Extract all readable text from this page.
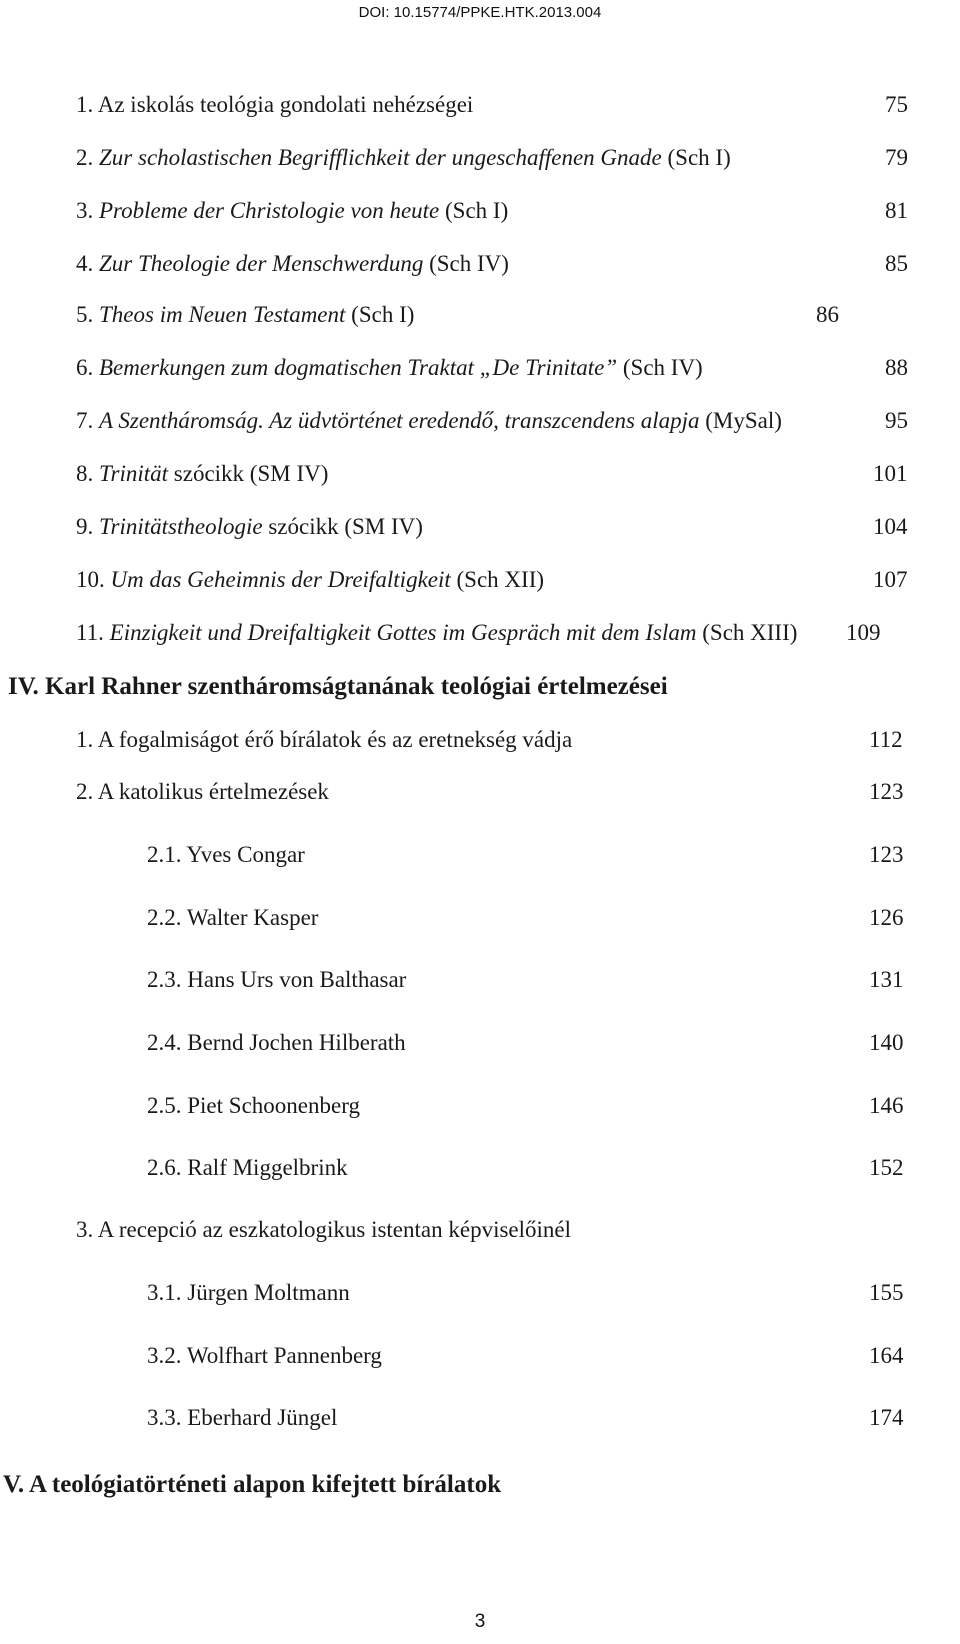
DOI: 10.15774/PPKE.HTK.2013.004
1. Az iskolás teológia gondolati nehézségei	75
2. Zur scholastischen Begrifflichkeit der ungeschaffenen Gnade (Sch I)	79
3. Probleme der Christologie von heute (Sch I)	81
4. Zur Theologie der Menschwerdung (Sch IV)	85
5. Theos im Neuen Testament (Sch I)	86
6. Bemerkungen zum dogmatischen Traktat „De Trinitate” (Sch IV)	88
7. A Szentháromság. Az üdvtörténet eredendő, transzcendens alapja (MySal)	95
8. Trinität szócikk (SM IV)	101
9. Trinitätstheologie szócikk (SM IV)	104
10. Um das Geheimnis der Dreifaltigkeit (Sch XII)	107
11. Einzigkeit und Dreifaltigkeit Gottes im Gespräch mit dem Islam (Sch XIII) 109
IV. Karl Rahner szentháromságtanának teológiai értelmezései
1. A fogalmiságot érő bírálatok és az eretnekség vádja	112
2. A katolikus értelmezések	123
2.1. Yves Congar	123
2.2. Walter Kasper	126
2.3. Hans Urs von Balthasar	131
2.4. Bernd Jochen Hilberath	140
2.5. Piet Schoonenberg	146
2.6. Ralf Miggelbrink	152
3. A recepció az eszkatologikus istentan képviselőinél
3.1. Jürgen Moltmann	155
3.2. Wolfhart Pannenberg	164
3.3. Eberhard Jüngel	174
V. A teológiatörténeti alapon kifejtett bírálatok
3
